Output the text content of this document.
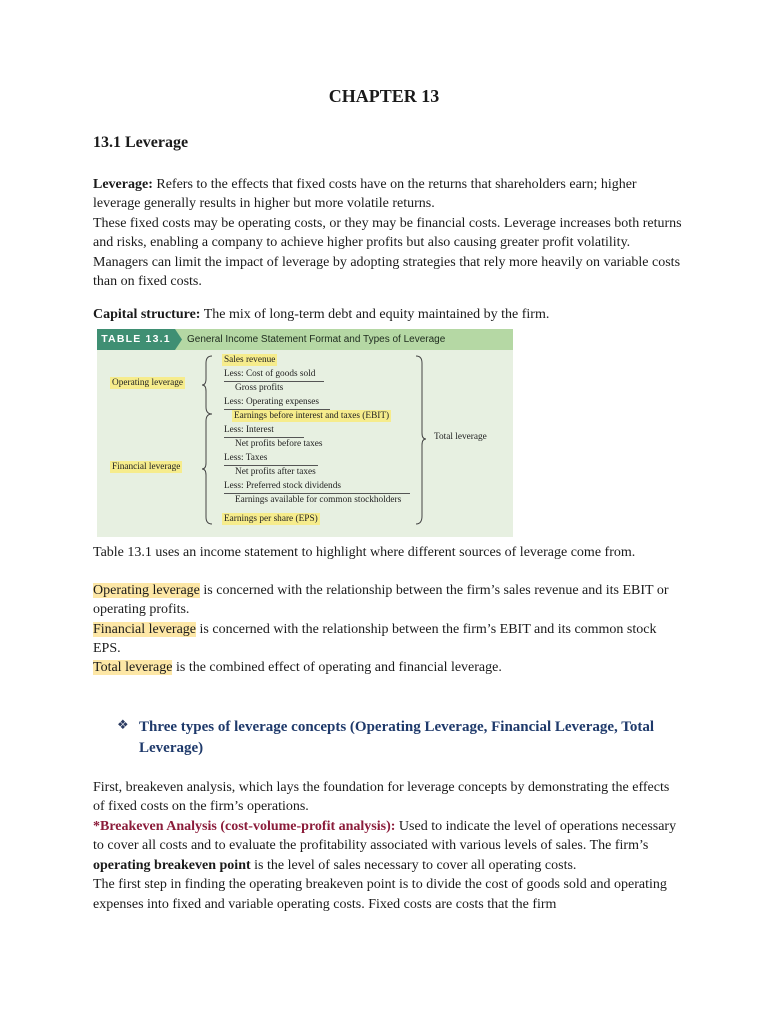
CHAPTER 13
13.1 Leverage
Leverage: Refers to the effects that fixed costs have on the returns that shareholders earn; higher leverage generally results in higher but more volatile returns.
These fixed costs may be operating costs, or they may be financial costs. Leverage increases both returns and risks, enabling a company to achieve higher profits but also causing greater profit volatility. Managers can limit the impact of leverage by adopting strategies that rely more heavily on variable costs than on fixed costs.
Capital structure: The mix of long-term debt and equity maintained by the firm.
TABLE 13.1	General Income Statement Format and Types of Leverage
Operating leverage
Financial leverage
Total leverage
Sales revenue
Less: Cost of goods sold
Gross profits
Less: Operating expenses
Earnings before interest and taxes (EBIT)
Less: Interest
Net profits before taxes
Less: Taxes
Net profits after taxes
Less: Preferred stock dividends
Earnings available for common stockholders
Earnings per share (EPS)
Table 13.1 uses an income statement to highlight where different sources of leverage come from.
Operating leverage is concerned with the relationship between the firm’s sales revenue and its EBIT or operating profits.
Financial leverage is concerned with the relationship between the firm’s EBIT and its common stock EPS.
Total leverage is the combined effect of operating and financial leverage.
❖ Three types of leverage concepts (Operating Leverage, Financial Leverage, Total Leverage)
First, breakeven analysis, which lays the foundation for leverage concepts by demonstrating the effects of fixed costs on the firm’s operations.
*Breakeven Analysis (cost-volume-profit analysis): Used to indicate the level of operations necessary to cover all costs and to evaluate the profitability associated with various levels of sales. The firm’s operating breakeven point is the level of sales necessary to cover all operating costs.
The first step in finding the operating breakeven point is to divide the cost of goods sold and operating expenses into fixed and variable operating costs. Fixed costs are costs that the firm
